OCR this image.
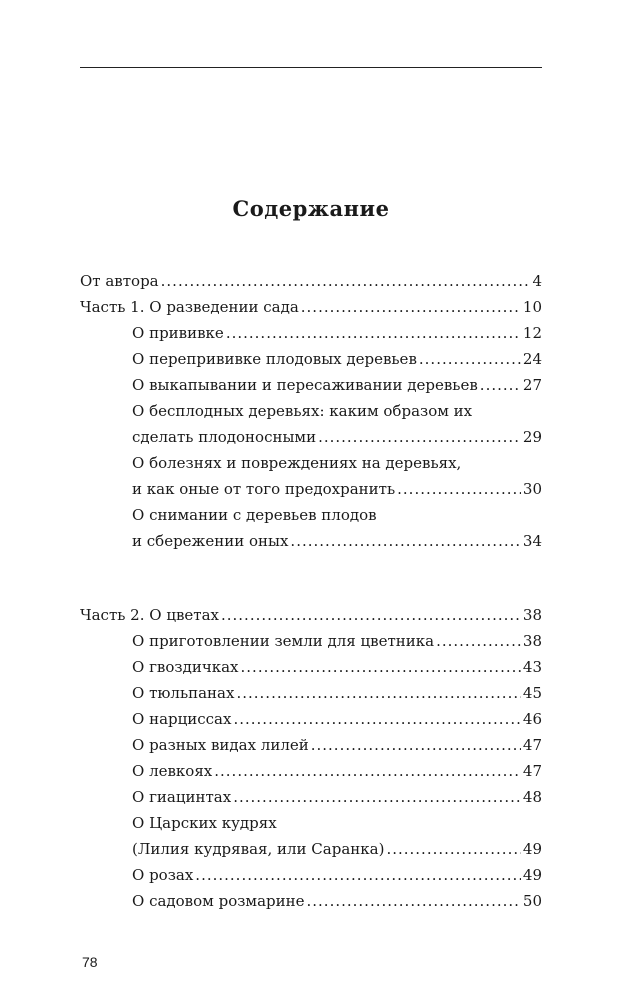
Содержание
От автора .....	4
Часть 1. О разведении сада .....	10
О прививке .....	12
О перепрививке плодовых деревьев .....	24
О выкапывании и пересаживании деревьев .....	27
О бесплодных деревьях: каким образом их
сделать плодоносными .....	29
О болезнях и повреждениях на деревьях,
и как оные от того предохранить .....	30
О снимании с деревьев плодов
и сбережении оных .....	34
Часть 2. О цветах .....	38
О приготовлении земли для цветника .....	38
О гвоздичках .....	43
О тюльпанах .....	45
О нарциссах .....	46
О разных видах лилей .....	47
О левкоях .....	47
О гиацинтах .....	48
О Царских кудрях
(Лилия кудрявая, или Саранка) .....	49
О розах .....	49
О садовом розмарине .....	50
78
